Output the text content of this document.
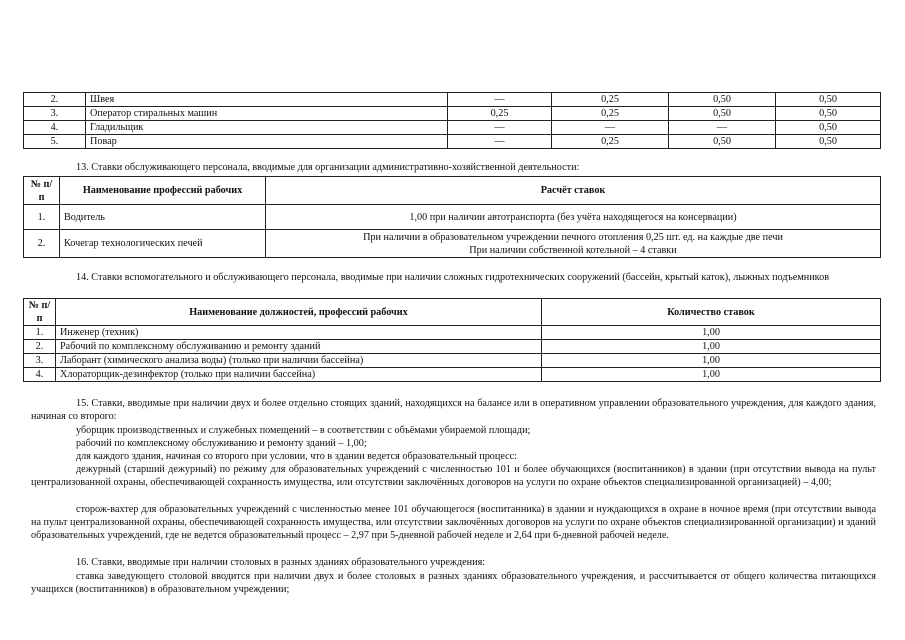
2.	Швея	—	0,25	0,50	0,50
3.	Оператор стиральных машин	0,25	0,25	0,50	0,50
4.	Гладильщик	—	—	—	0,50
5.	Повар	—	0,25	0,50	0,50
13. Ставки обслуживающего персонала, вводимые для организации административно-хозяйственной деятельности:
№ п/п	Наименование профессий рабочих	Расчёт ставок
1.	Водитель	1,00 при наличии автотранспорта (без учёта находящегося на консервации)
2.	Кочегар технологических печей	При наличии в образовательном учреждении печного отопления 0,25 шт. ед. на каждые две печи
При наличии собственной котельной – 4 ставки
14. Ставки вспомогательного и обслуживающего персонала, вводимые при наличии сложных гидротехнических сооружений (бассейн, крытый каток), лыжных подъемников
№ п/п	Наименование должностей, профессий рабочих	Количество ставок
1.	Инженер (техник)	1,00
2.	Рабочий по комплексному обслуживанию и ремонту зданий	1,00
3.	Лаборант (химического анализа воды) (только при наличии бассейна)	1,00
4.	Хлораторщик-дезинфектор (только при наличии бассейна)	1,00
15. Ставки, вводимые при наличии двух и более отдельно стоящих зданий, находящихся на балансе или в оперативном управлении образовательного учреждения, для каждого здания, начиная со второго:
уборщик производственных и служебных помещений – в соответствии с объёмами убираемой площади;
рабочий по комплексному обслуживанию и ремонту зданий – 1,00;
для каждого здания, начиная со второго при условии, что в здании ведется образовательный процесс:
дежурный (старший дежурный) по режиму для образовательных учреждений с численностью 101 и более обучающихся (воспитанников) в здании (при отсутствии вывода на пульт централизованной охраны, обеспечивающей сохранность имущества, или отсутствии заключённых договоров на услуги по охране объектов специализированной организацией) – 4,00;
сторож-вахтер для образовательных учреждений с численностью менее 101 обучающегося (воспитанника) в здании и нуждающихся в охране в ночное время (при отсутствии вывода на пульт централизованной охраны, обеспечивающей сохранность имущества, или отсутствии заключённых договоров на услуги по охране объектов специализированной организации) и зданий образовательных учреждений, где не ведется образовательный процесс – 2,97 при 5-дневной рабочей неделе и 2,64 при 6-дневной рабочей неделе.
16. Ставки, вводимые при наличии столовых в разных зданиях образовательного учреждения:
ставка заведующего столовой вводится при наличии двух и более столовых в разных зданиях образовательного учреждения, и рассчитывается от общего количества питающихся учащихся (воспитанников) в образовательном учреждении;
